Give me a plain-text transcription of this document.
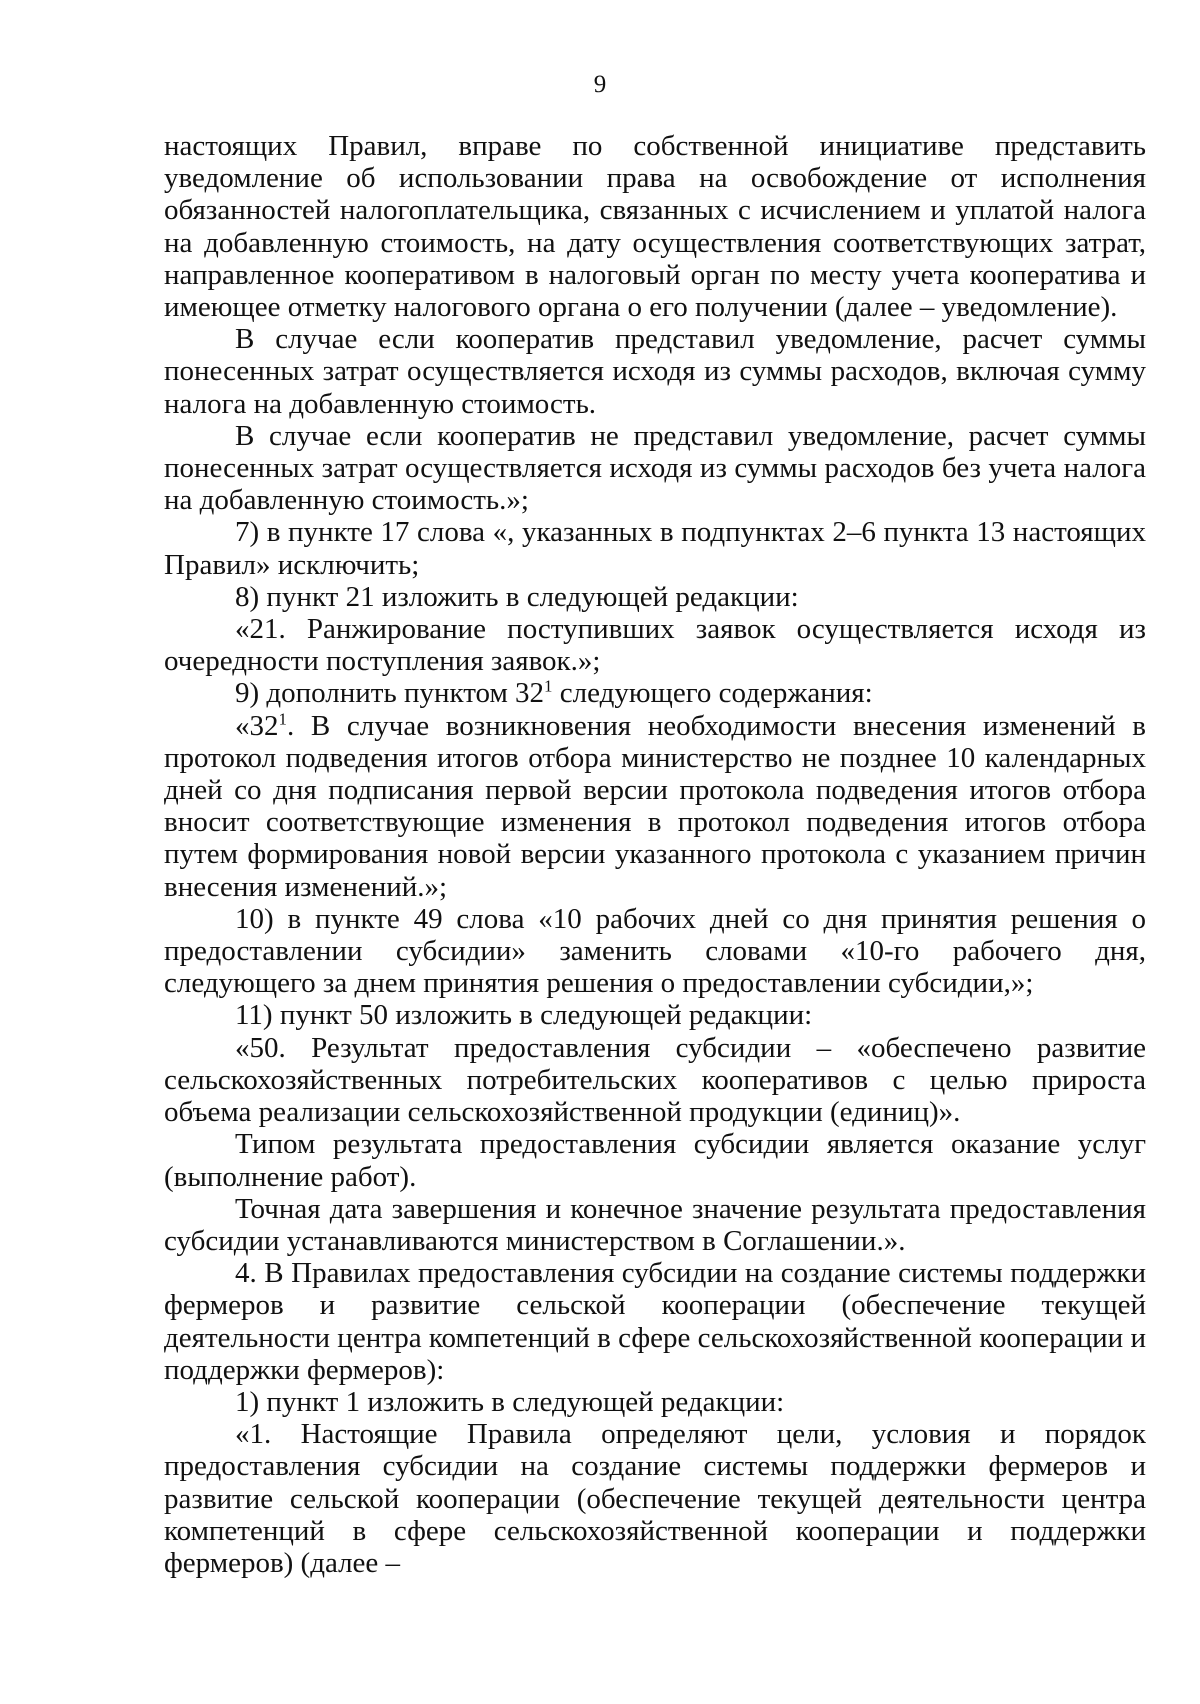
9

настоящих Правил, вправе по собственной инициативе представить уведомление об использовании права на освобождение от исполнения обязанностей налогоплательщика, связанных с исчислением и уплатой налога на добавленную стоимость, на дату осуществления соответствующих затрат, направленное кооперативом в налоговый орган по месту учета кооператива и имеющее отметку налогового органа о его получении (далее – уведомление).

В случае если кооператив представил уведомление, расчет суммы понесенных затрат осуществляется исходя из суммы расходов, включая сумму налога на добавленную стоимость.

В случае если кооператив не представил уведомление, расчет суммы понесенных затрат осуществляется исходя из суммы расходов без учета налога на добавленную стоимость.»;

7) в пункте 17 слова «, указанных в подпунктах 2–6 пункта 13 настоящих Правил» исключить;

8) пункт 21 изложить в следующей редакции:

«21. Ранжирование поступивших заявок осуществляется исходя из очередности поступления заявок.»;

9) дополнить пунктом $32^1$ следующего содержания:

«$32^1$. В случае возникновения необходимости внесения изменений в протокол подведения итогов отбора министерство не позднее 10 календарных дней со дня подписания первой версии протокола подведения итогов отбора вносит соответствующие изменения в протокол подведения итогов отбора путем формирования новой версии указанного протокола с указанием причин внесения изменений.»;

10) в пункте 49 слова «10 рабочих дней со дня принятия решения о предоставлении субсидии» заменить словами «10-го рабочего дня, следующего за днем принятия решения о предоставлении субсидии,»;

11) пункт 50 изложить в следующей редакции:

«50. Результат предоставления субсидии – «обеспечено развитие сельскохозяйственных потребительских кооперативов с целью прироста объема реализации сельскохозяйственной продукции (единиц)».

Типом результата предоставления субсидии является оказание услуг (выполнение работ).

Точная дата завершения и конечное значение результата предоставления субсидии устанавливаются министерством в Соглашении.».

4. В Правилах предоставления субсидии на создание системы поддержки фермеров и развитие сельской кооперации (обеспечение текущей деятельности центра компетенций в сфере сельскохозяйственной кооперации и поддержки фермеров):

1) пункт 1 изложить в следующей редакции:

«1. Настоящие Правила определяют цели, условия и порядок предоставления субсидии на создание системы поддержки фермеров и развитие сельской кооперации (обеспечение текущей деятельности центра компетенций в сфере сельскохозяйственной кооперации и поддержки фермеров) (далее –
